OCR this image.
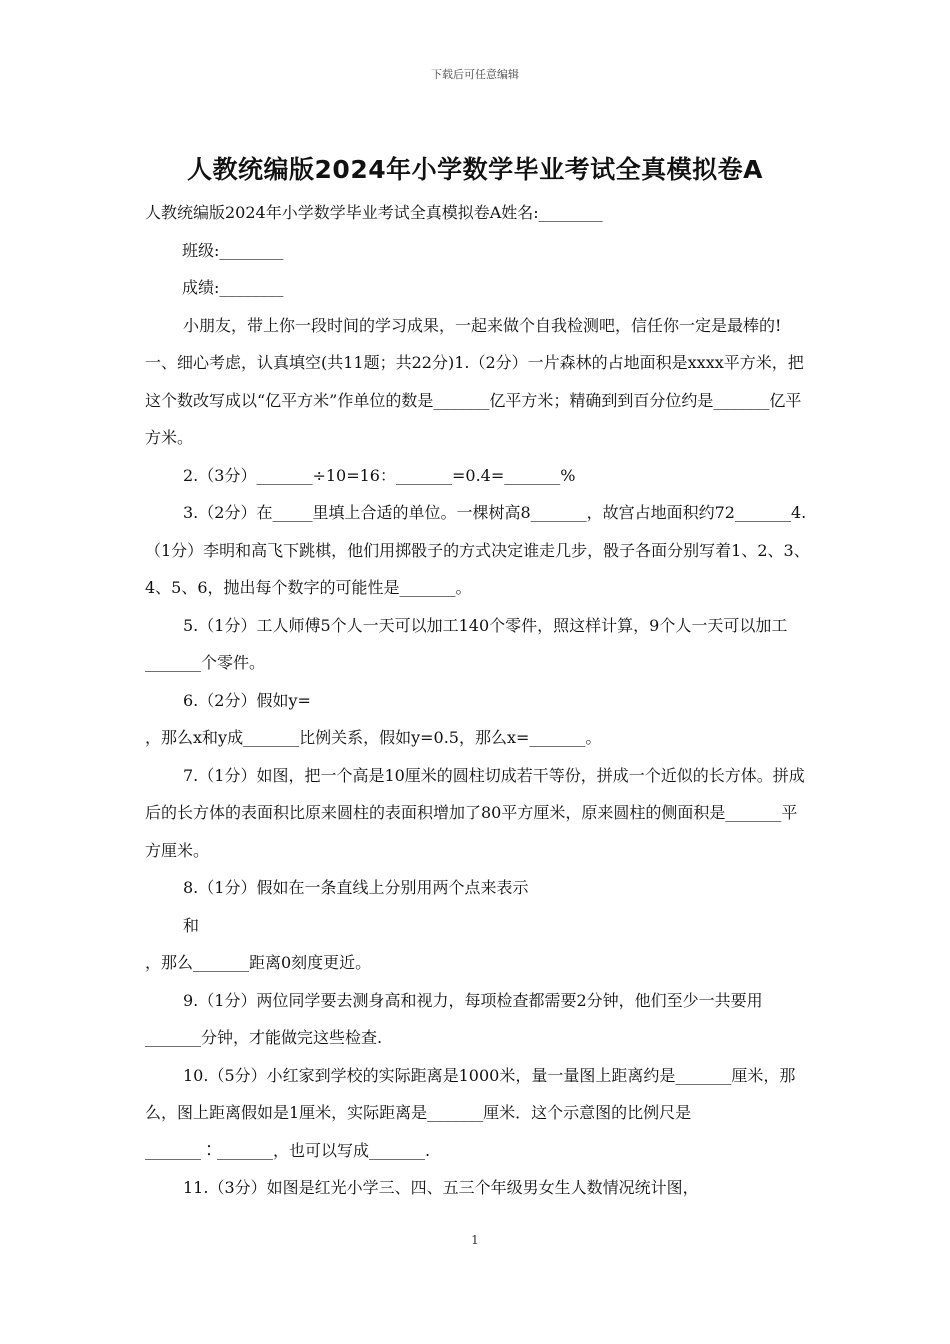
下载后可任意编辑
人教统编版2024年小学数学毕业考试全真模拟卷A

人教统编版2024年小学数学毕业考试全真模拟卷A姓名:________

班级:________

成绩:________

小朋友，带上你一段时间的学习成果，一起来做个自我检测吧，信任你一定是最棒的!一、细心考虑，认真填空(共11题；共22分)1.（2分）一片森林的占地面积是xxxx平方米，把这个数改写成以“亿平方米”作单位的数是_______亿平方米；精确到到百分位约是_______亿平方米。

2.（3分）_______÷10=16：_______=0.4=_______%

3.（2分）在_____里填上合适的单位。一棵树高8_______，故宫占地面积约72_______4.（1分）李明和高飞下跳棋，他们用掷骰子的方式决定谁走几步，骰子各面分别写着1、2、3、4、5、6，抛出每个数字的可能性是_______。

5.（1分）工人师傅5个人一天可以加工140个零件，照这样计算，9个人一天可以加工_______个零件。

6.（2分）假如y=

，那么x和y成_______比例关系，假如y=0.5，那么x=_______。

7.（1分）如图，把一个高是10厘米的圆柱切成若干等份，拼成一个近似的长方体。拼成后的长方体的表面积比原来圆柱的表面积增加了80平方厘米，原来圆柱的侧面积是_______平方厘米。

8.（1分）假如在一条直线上分别用两个点来表示

和

，那么_______距离0刻度更近。

9.（1分）两位同学要去测身高和视力，每项检查都需要2分钟，他们至少一共要用_______分钟，才能做完这些检查.

10.（5分）小红家到学校的实际距离是1000米，量一量图上距离约是_______厘米，那么，图上距离假如是1厘米，实际距离是_______厘米．这个示意图的比例尺是_______∶_______，也可以写成_______.

11.（3分）如图是红光小学三、四、五三个年级男女生人数情况统计图，

1
